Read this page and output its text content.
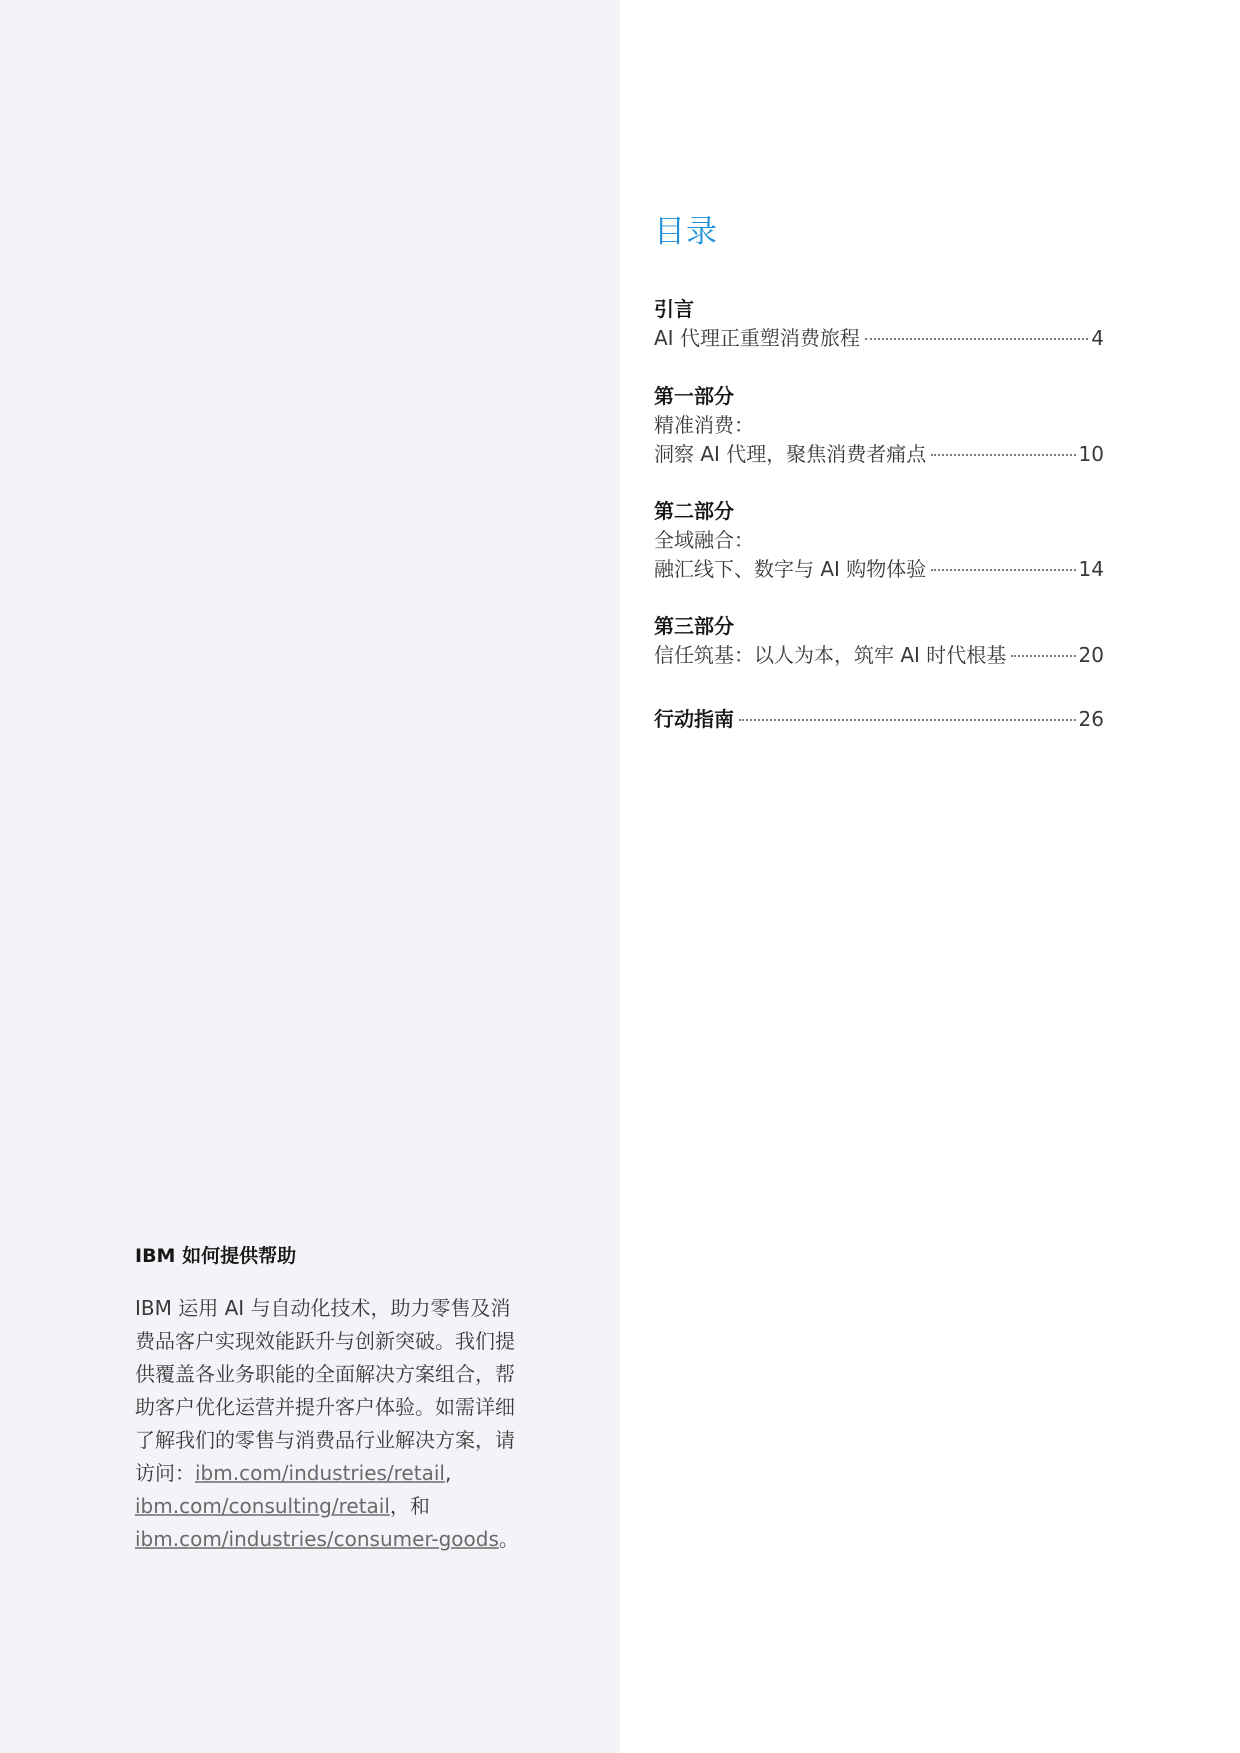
目录
引言
AI 代理正重塑消费旅程	4
第一部分
精准消费：
洞察 AI 代理，聚焦消费者痛点	10
第二部分
全域融合：
融汇线下、数字与 AI 购物体验	14
第三部分
信任筑基：以人为本，筑牢 AI 时代根基	20
行动指南	26
IBM 如何提供帮助

IBM 运用 AI 与自动化技术，助力零售及消费品客户实现效能跃升与创新突破。我们提供覆盖各业务职能的全面解决方案组合，帮助客户优化运营并提升客户体验。如需详细了解我们的零售与消费品行业解决方案，请访问：ibm.com/industries/retail, ibm.com/consulting/retail，和 ibm.com/industries/consumer-goods。
